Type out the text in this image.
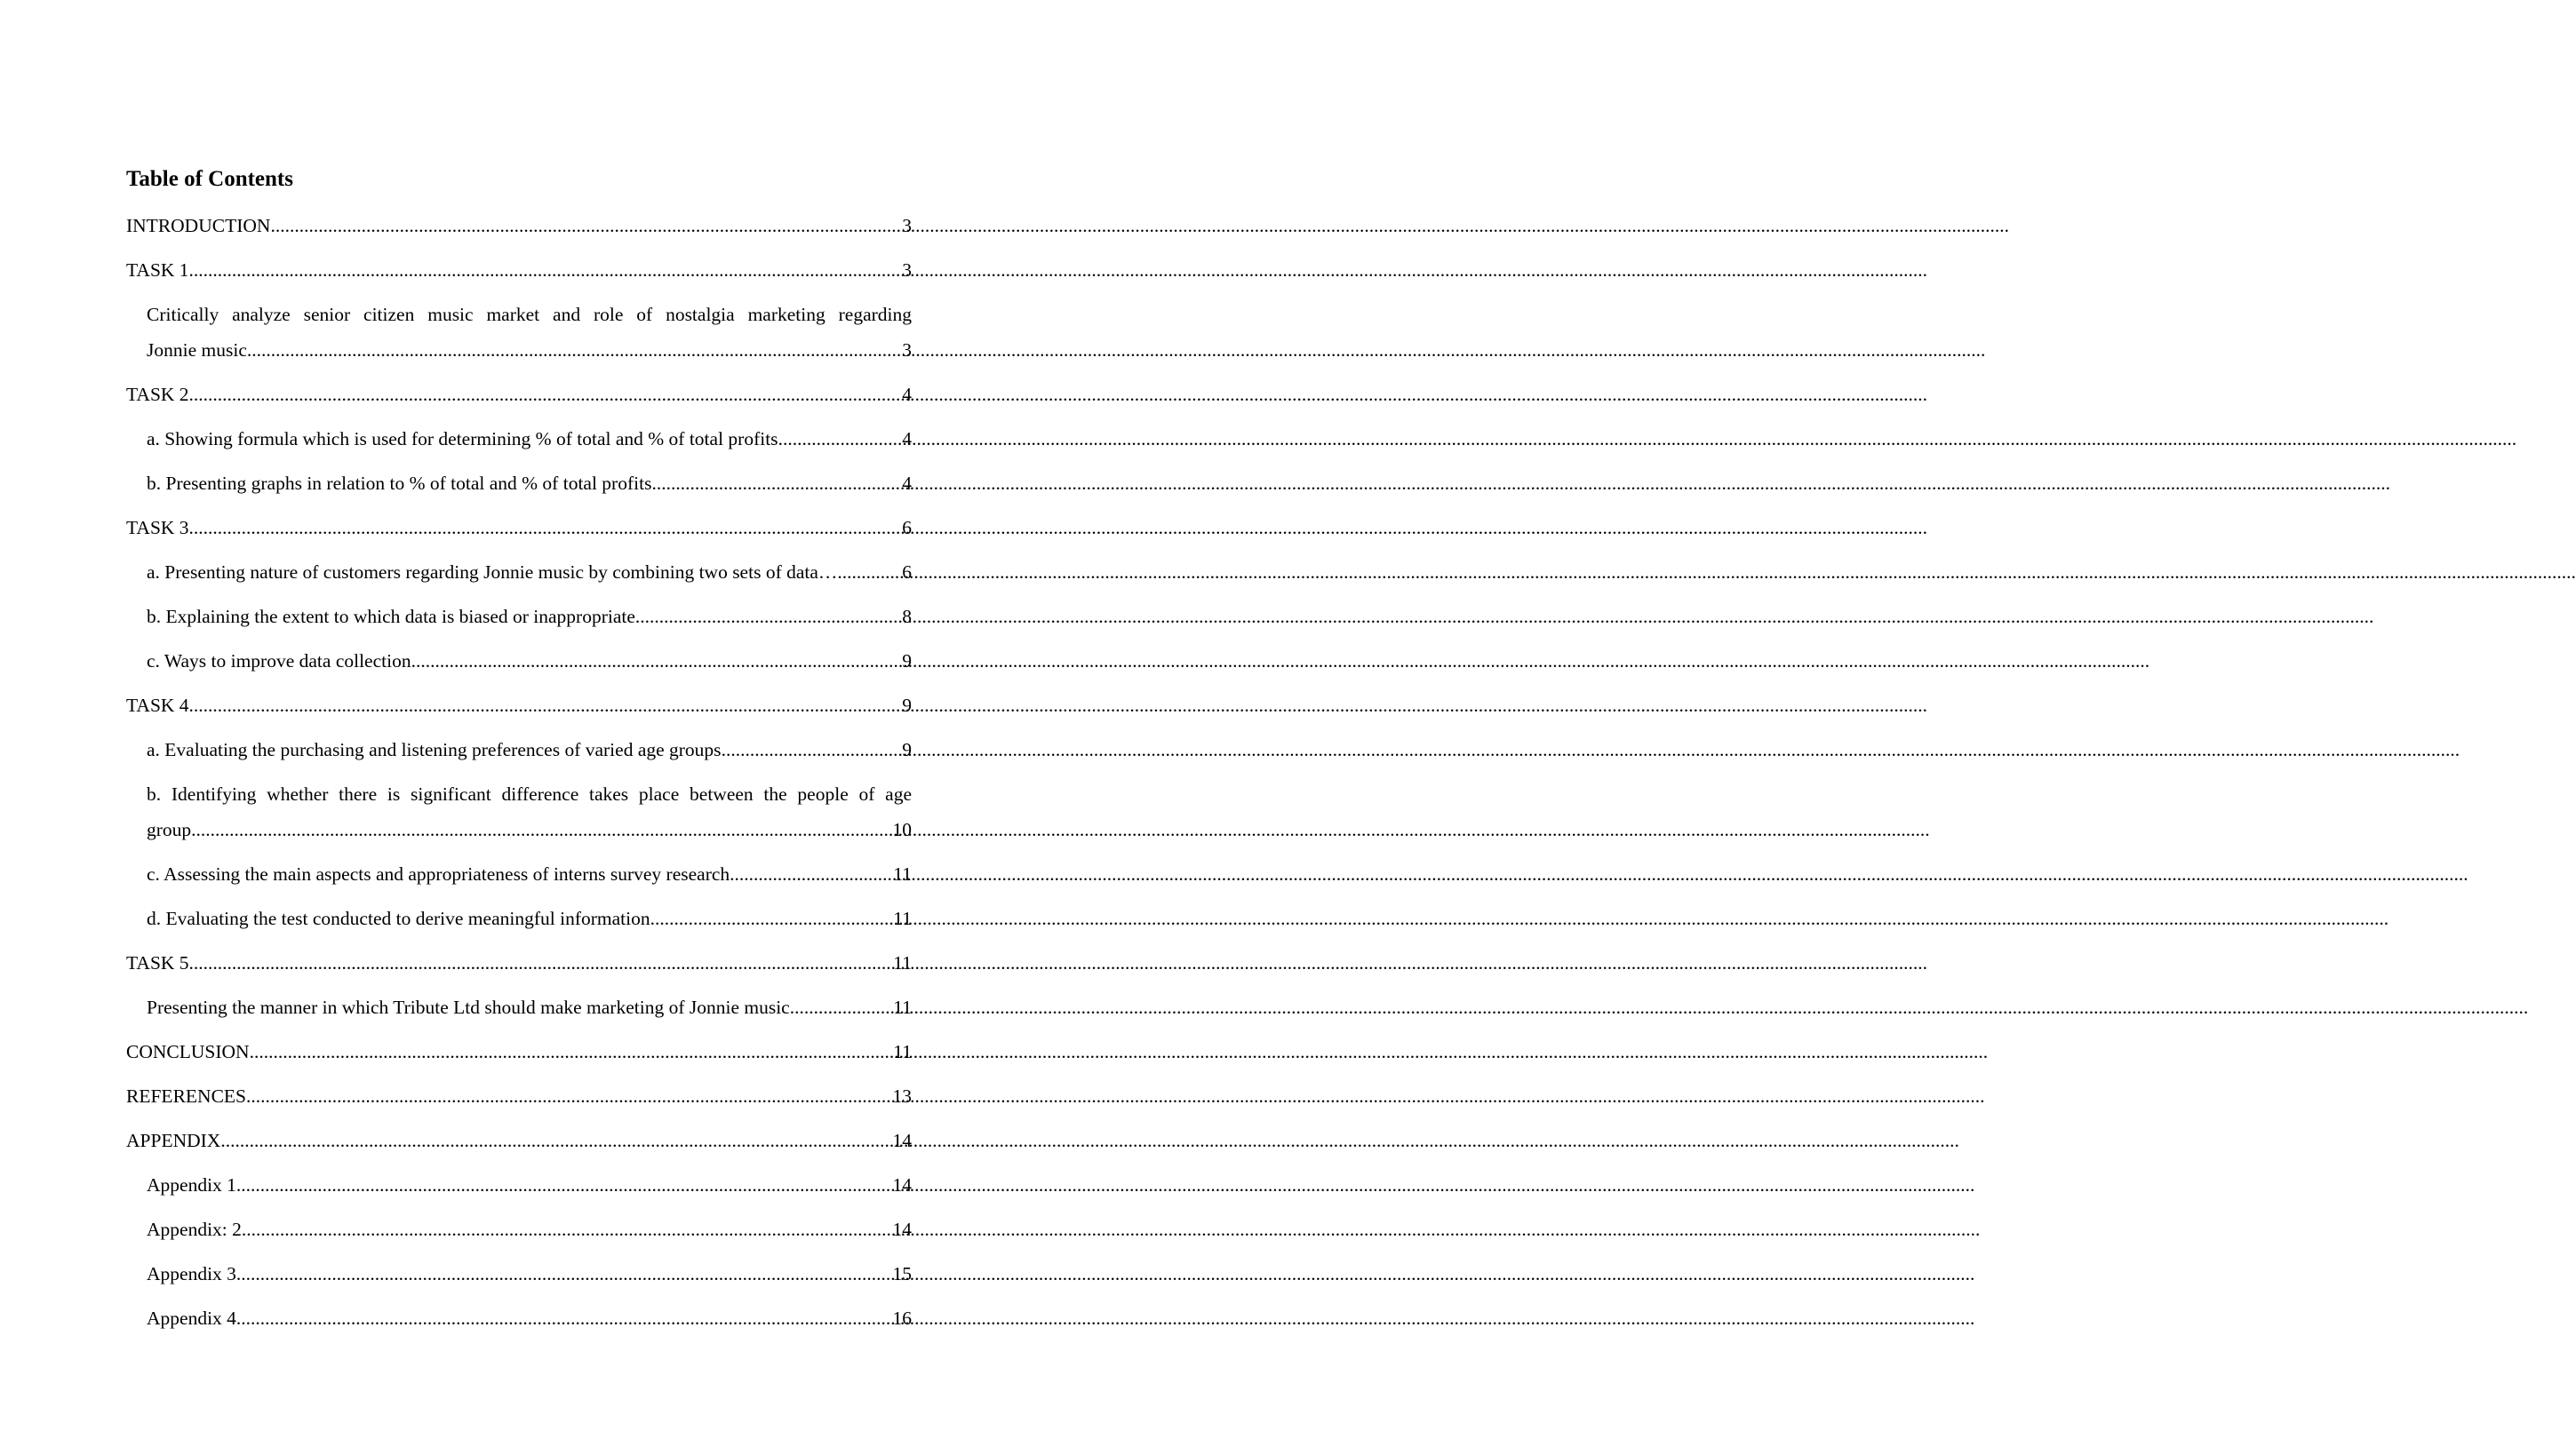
Table of Contents
INTRODUCTION .....	3
TASK 1 .....	3
Critically analyze senior citizen music market and role of nostalgia marketing regarding
Jonnie music .....	3
TASK 2 .....	4
a. Showing formula which is used for determining % of total and % of total profits .....	4
b. Presenting graphs in relation to % of total and % of total profits .....	4
TASK 3 .....	6
a. Presenting nature of customers regarding Jonnie music by combining two sets of data… .....	6
b. Explaining the extent to which data is biased or inappropriate .....	8
c. Ways to improve data collection .....	9
TASK 4 .....	9
a. Evaluating the purchasing and listening preferences of varied age groups .....	9
b. Identifying whether there is significant difference takes place between the people of age
group .....	10
c. Assessing the main aspects and appropriateness of interns survey research .....	11
d. Evaluating the test conducted to derive meaningful information .....	11
TASK 5 .....	11
Presenting the manner in which Tribute Ltd should make marketing of Jonnie music .....	11
CONCLUSION .....	11
REFERENCES .....	13
APPENDIX .....	14
Appendix 1 .....	14
Appendix: 2 .....	14
Appendix 3 .....	15
Appendix 4 .....	16
